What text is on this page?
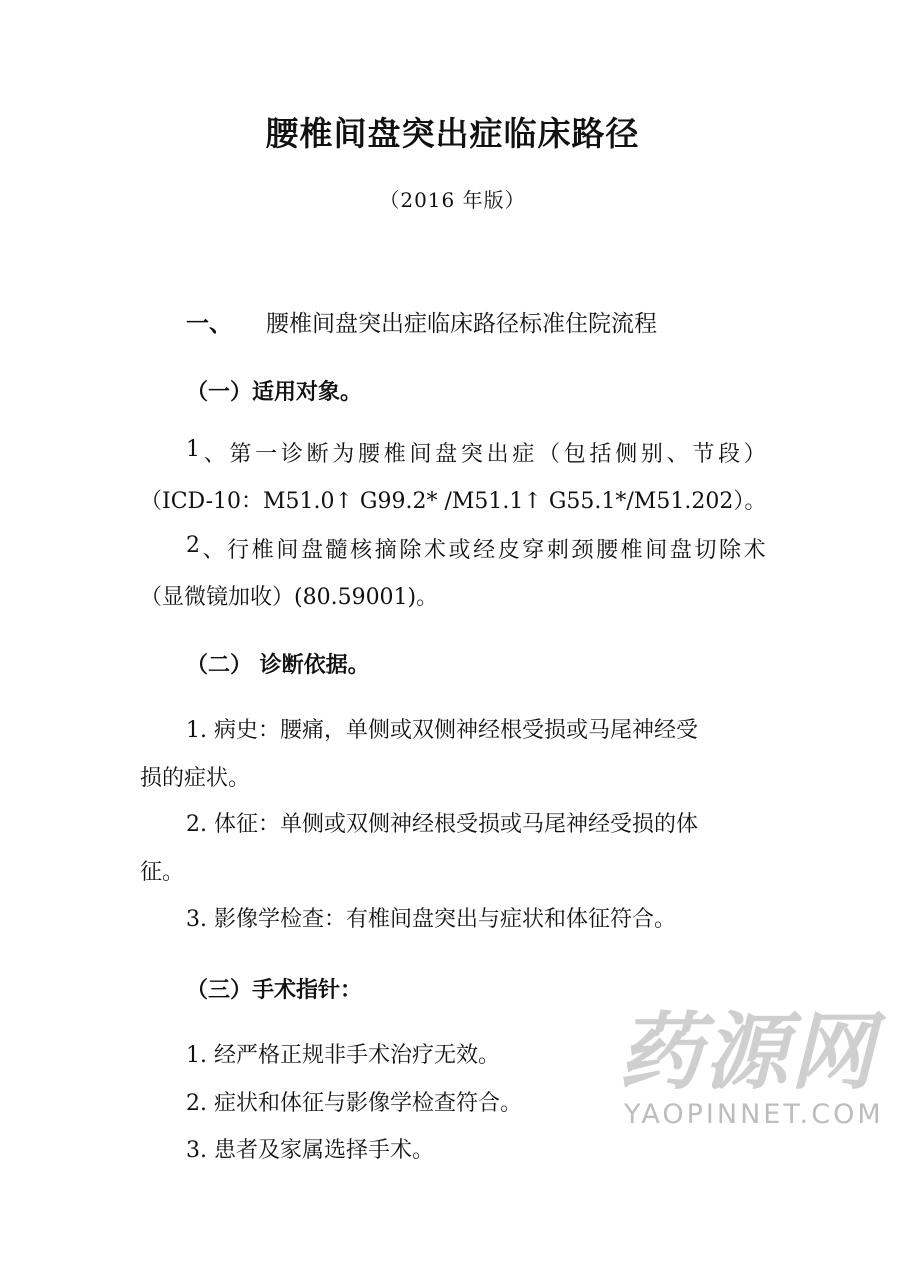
腰椎间盘突出症临床路径
（2016 年版）
一、 腰椎间盘突出症临床路径标准住院流程
（一）适用对象。
1 、 第 一 诊 断 为 腰 椎 间 盘 突 出 症 （ 包 括 侧 别 、 节 段 ）
（ICD-10：M51.0↑ G99.2* /M51.1↑ G55.1*/M51.202）。
2 、 行 椎 间 盘 髓 核 摘 除 术 或 经 皮 穿 刺 颈 腰 椎 间 盘 切 除 术
（显微镜加收）(80.59001)。
（二） 诊断依据。
1. 病史：腰痛，单侧或双侧神经根受损或马尾神经受
损的症状。
2. 体征：单侧或双侧神经根受损或马尾神经受损的体
征。
3. 影像学检查：有椎间盘突出与症状和体征符合。
（三）手术指针：
1. 经严格正规非手术治疗无效。
2. 症状和体征与影像学检查符合。
3. 患者及家属选择手术。
药源网
YAOPINNET.COM
